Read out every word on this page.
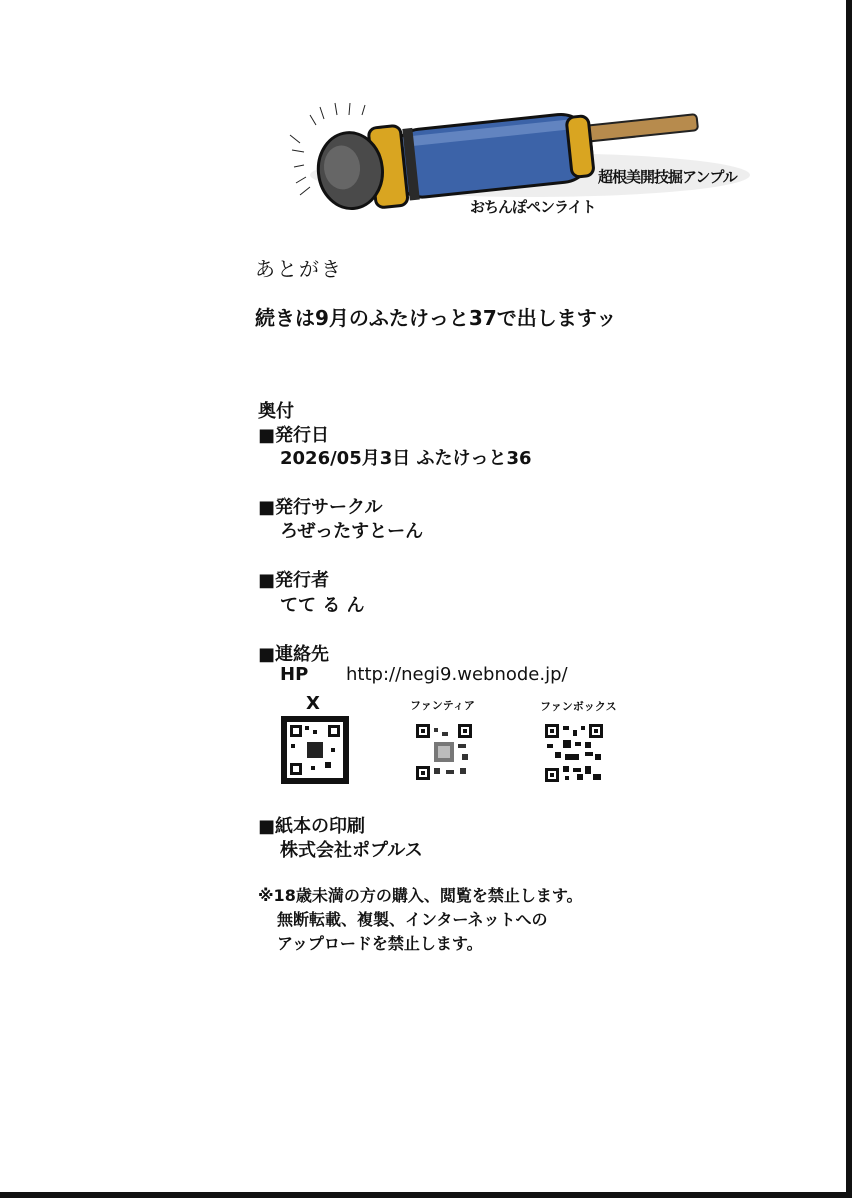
超根美開技掘アンプル
おちんぽペンライト
あとがき
続きは9月のふたけっと37で出しますッ
奥付
■発行日
2026/05月3日 ふたけっと36
■発行サークル
ろぜったすとーん
■発行者
てて る ん
■連絡先
HP http://negi9.webnode.jp/
X	ファンティア	ファンボックス
■紙本の印刷
株式会社ポプルス
※18歳未満の方の購入、閲覧を禁止します。
無断転載、複製、インターネットへの
アップロードを禁止します。
